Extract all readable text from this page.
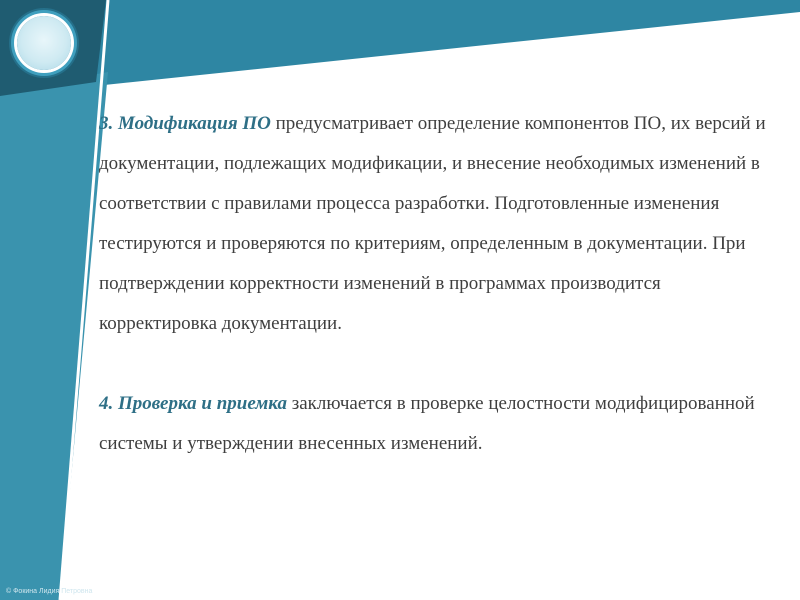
3. Модификация ПО предусматривает определение компонентов ПО, их версий и документации, подлежащих модификации, и внесение необходимых изменений в соответствии с правилами процесса разработки. Подготовленные изменения тестируются и проверяются по критериям, определенным в документации. При подтверждении корректности изменений в программах производится корректировка документации.

4. Проверка и приемка заключается в проверке целостности модифицированной системы и утверждении внесенных изменений.

© Фокина Лидия Петровна
